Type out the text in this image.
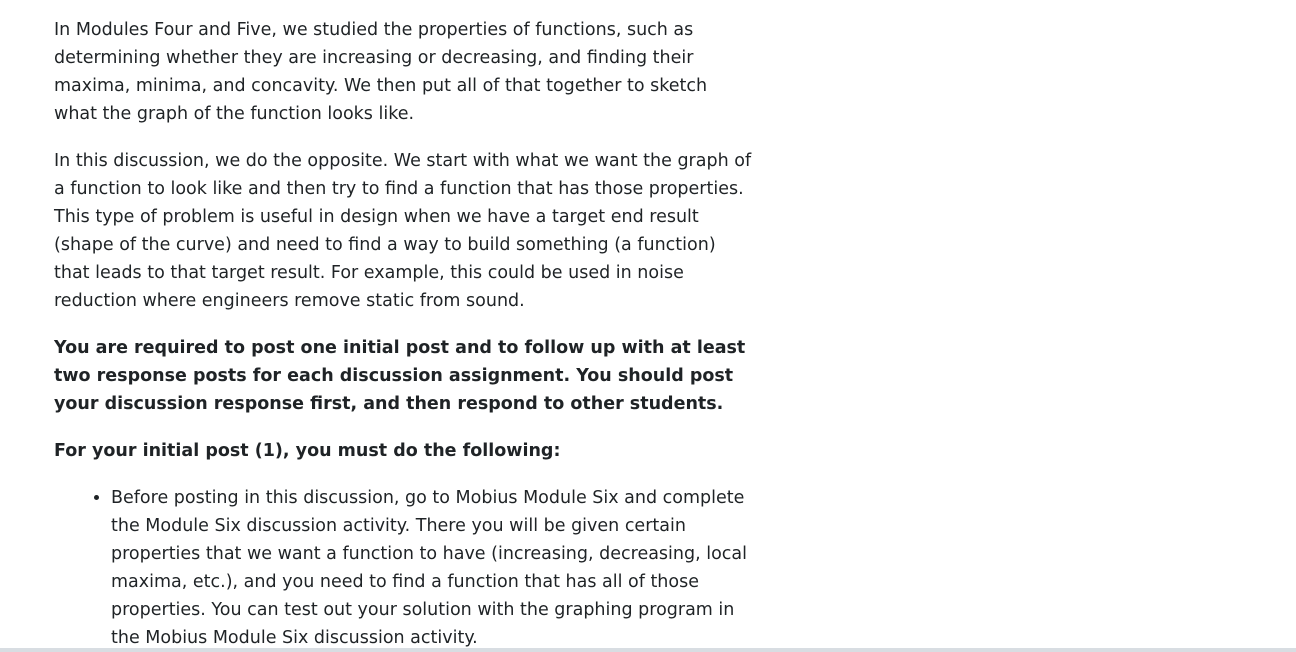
In Modules Four and Five, we studied the properties of functions, such as determining whether they are increasing or decreasing, and finding their maxima, minima, and concavity. We then put all of that together to sketch what the graph of the function looks like.

In this discussion, we do the opposite. We start with what we want the graph of a function to look like and then try to find a function that has those properties. This type of problem is useful in design when we have a target end result (shape of the curve) and need to find a way to build something (a function) that leads to that target result. For example, this could be used in noise reduction where engineers remove static from sound.

You are required to post one initial post and to follow up with at least two response posts for each discussion assignment. You should post your discussion response first, and then respond to other students.

For your initial post (1), you must do the following:

• Before posting in this discussion, go to Mobius Module Six and complete the Module Six discussion activity. There you will be given certain properties that we want a function to have (increasing, decreasing, local maxima, etc.), and you need to find a function that has all of those properties. You can test out your solution with the graphing program in the Mobius Module Six discussion activity.
